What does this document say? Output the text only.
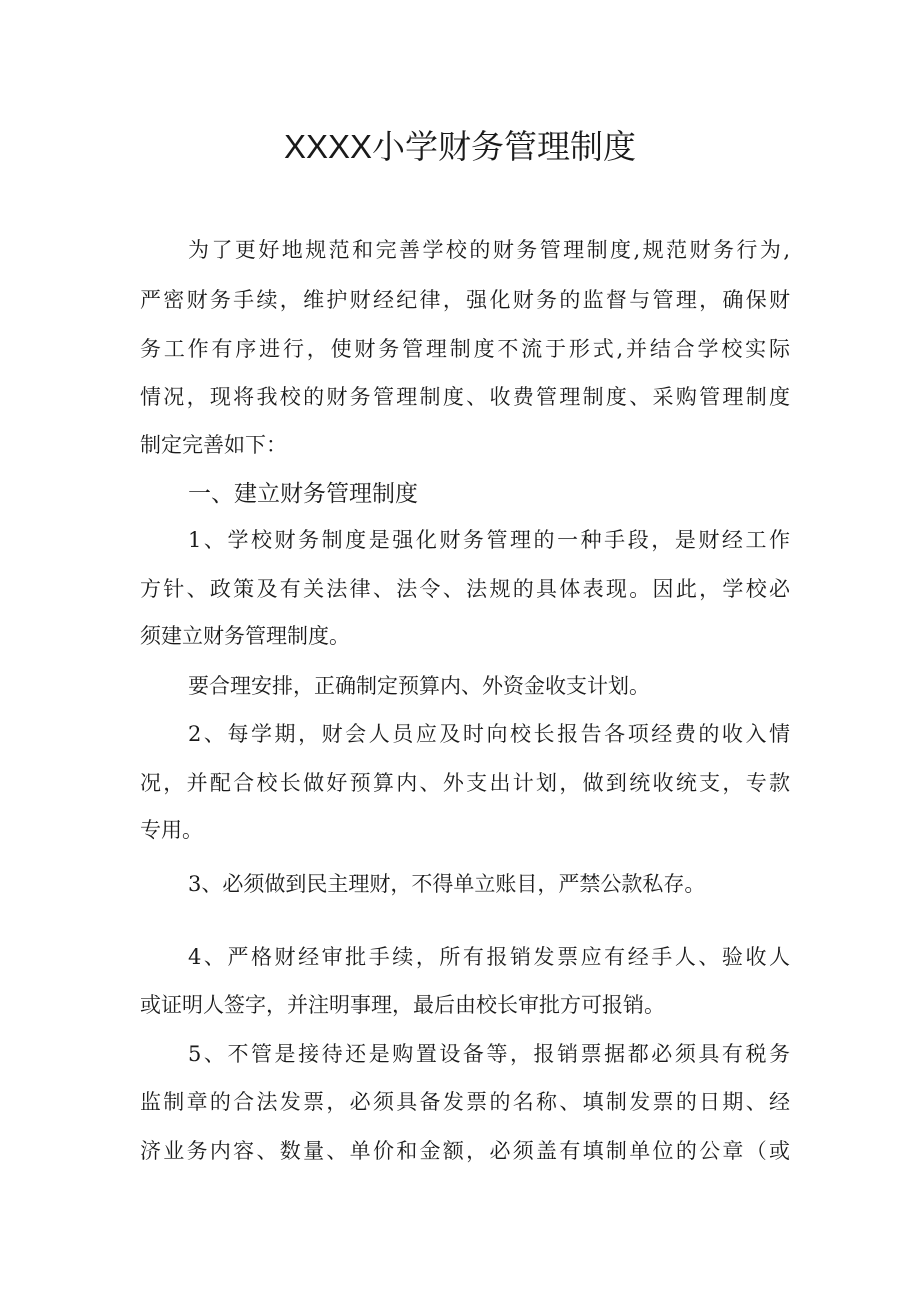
XXXX小学财务管理制度

为了更好地规范和完善学校的财务管理制度,规范财务行为,

严密财务手续，维护财经纪律，强化财务的监督与管理，确保财

务工作有序进行，使财务管理制度不流于形式,并结合学校实际

情况，现将我校的财务管理制度、收费管理制度、采购管理制度

制定完善如下：

一、建立财务管理制度

1、学校财务制度是强化财务管理的一种手段，是财经工作

方针、政策及有关法律、法令、法规的具体表现。因此，学校必

须建立财务管理制度。

要合理安排，正确制定预算内、外资金收支计划。

2、每学期，财会人员应及时向校长报告各项经费的收入情

况，并配合校长做好预算内、外支出计划，做到统收统支，专款

专用。

3、必须做到民主理财，不得单立账目，严禁公款私存。

4、严格财经审批手续，所有报销发票应有经手人、验收人

或证明人签字，并注明事理，最后由校长审批方可报销。

5、不管是接待还是购置设备等，报销票据都必须具有税务

监制章的合法发票，必须具备发票的名称、填制发票的日期、经

济业务内容、数量、单价和金额，必须盖有填制单位的公章（或
